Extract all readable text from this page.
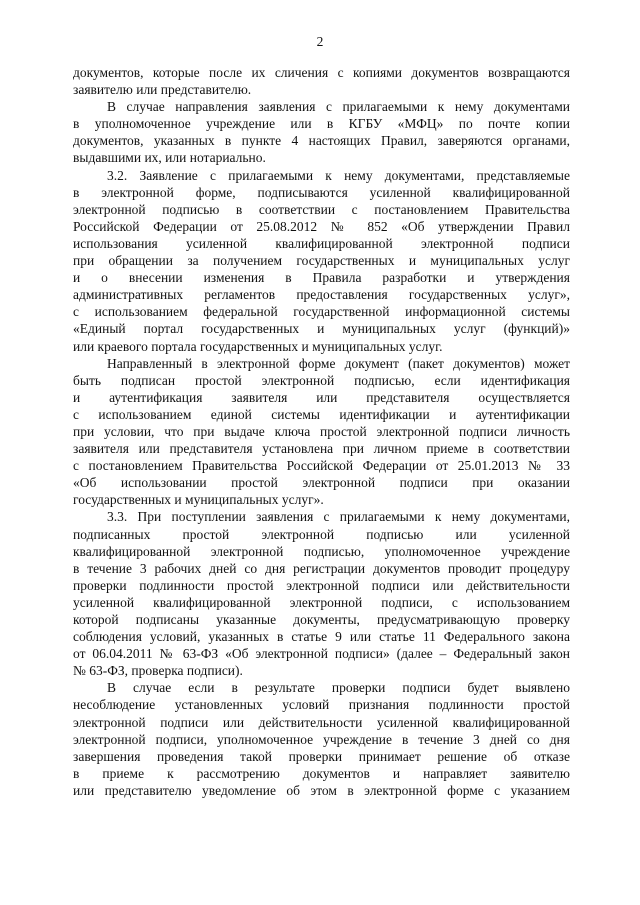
2
документов, которые после их сличения с копиями документов возвращаются
заявителю или представителю.
В случае направления заявления с прилагаемыми к нему документами
в уполномоченное учреждение или в КГБУ «МФЦ» по почте копии
документов, указанных в пункте 4 настоящих Правил, заверяются органами,
выдавшими их, или нотариально.
3.2. Заявление с прилагаемыми к нему документами, представляемые
в электронной форме, подписываются усиленной квалифицированной
электронной подписью в соответствии с постановлением Правительства
Российской Федерации от 25.08.2012 № 852 «Об утверждении Правил
использования усиленной квалифицированной электронной подписи
при обращении за получением государственных и муниципальных услуг
и о внесении изменения в Правила разработки и утверждения
административных регламентов предоставления государственных услуг»,
с использованием федеральной государственной информационной системы
«Единый портал государственных и муниципальных услуг (функций)»
или краевого портала государственных и муниципальных услуг.
Направленный в электронной форме документ (пакет документов) может
быть подписан простой электронной подписью, если идентификация
и аутентификация заявителя или представителя осуществляется
с использованием единой системы идентификации и аутентификации
при условии, что при выдаче ключа простой электронной подписи личность
заявителя или представителя установлена при личном приеме в соответствии
с постановлением Правительства Российской Федерации от 25.01.2013 № 33
«Об использовании простой электронной подписи при оказании
государственных и муниципальных услуг».
3.3. При поступлении заявления с прилагаемыми к нему документами,
подписанных простой электронной подписью или усиленной
квалифицированной электронной подписью, уполномоченное учреждение
в течение 3 рабочих дней со дня регистрации документов проводит процедуру
проверки подлинности простой электронной подписи или действительности
усиленной квалифицированной электронной подписи, с использованием
которой подписаны указанные документы, предусматривающую проверку
соблюдения условий, указанных в статье 9 или статье 11 Федерального закона
от 06.04.2011 № 63-ФЗ «Об электронной подписи» (далее – Федеральный закон
№ 63-ФЗ, проверка подписи).
В случае если в результате проверки подписи будет выявлено
несоблюдение установленных условий признания подлинности простой
электронной подписи или действительности усиленной квалифицированной
электронной подписи, уполномоченное учреждение в течение 3 дней со дня
завершения проведения такой проверки принимает решение об отказе
в приеме к рассмотрению документов и направляет заявителю
или представителю уведомление об этом в электронной форме с указанием
